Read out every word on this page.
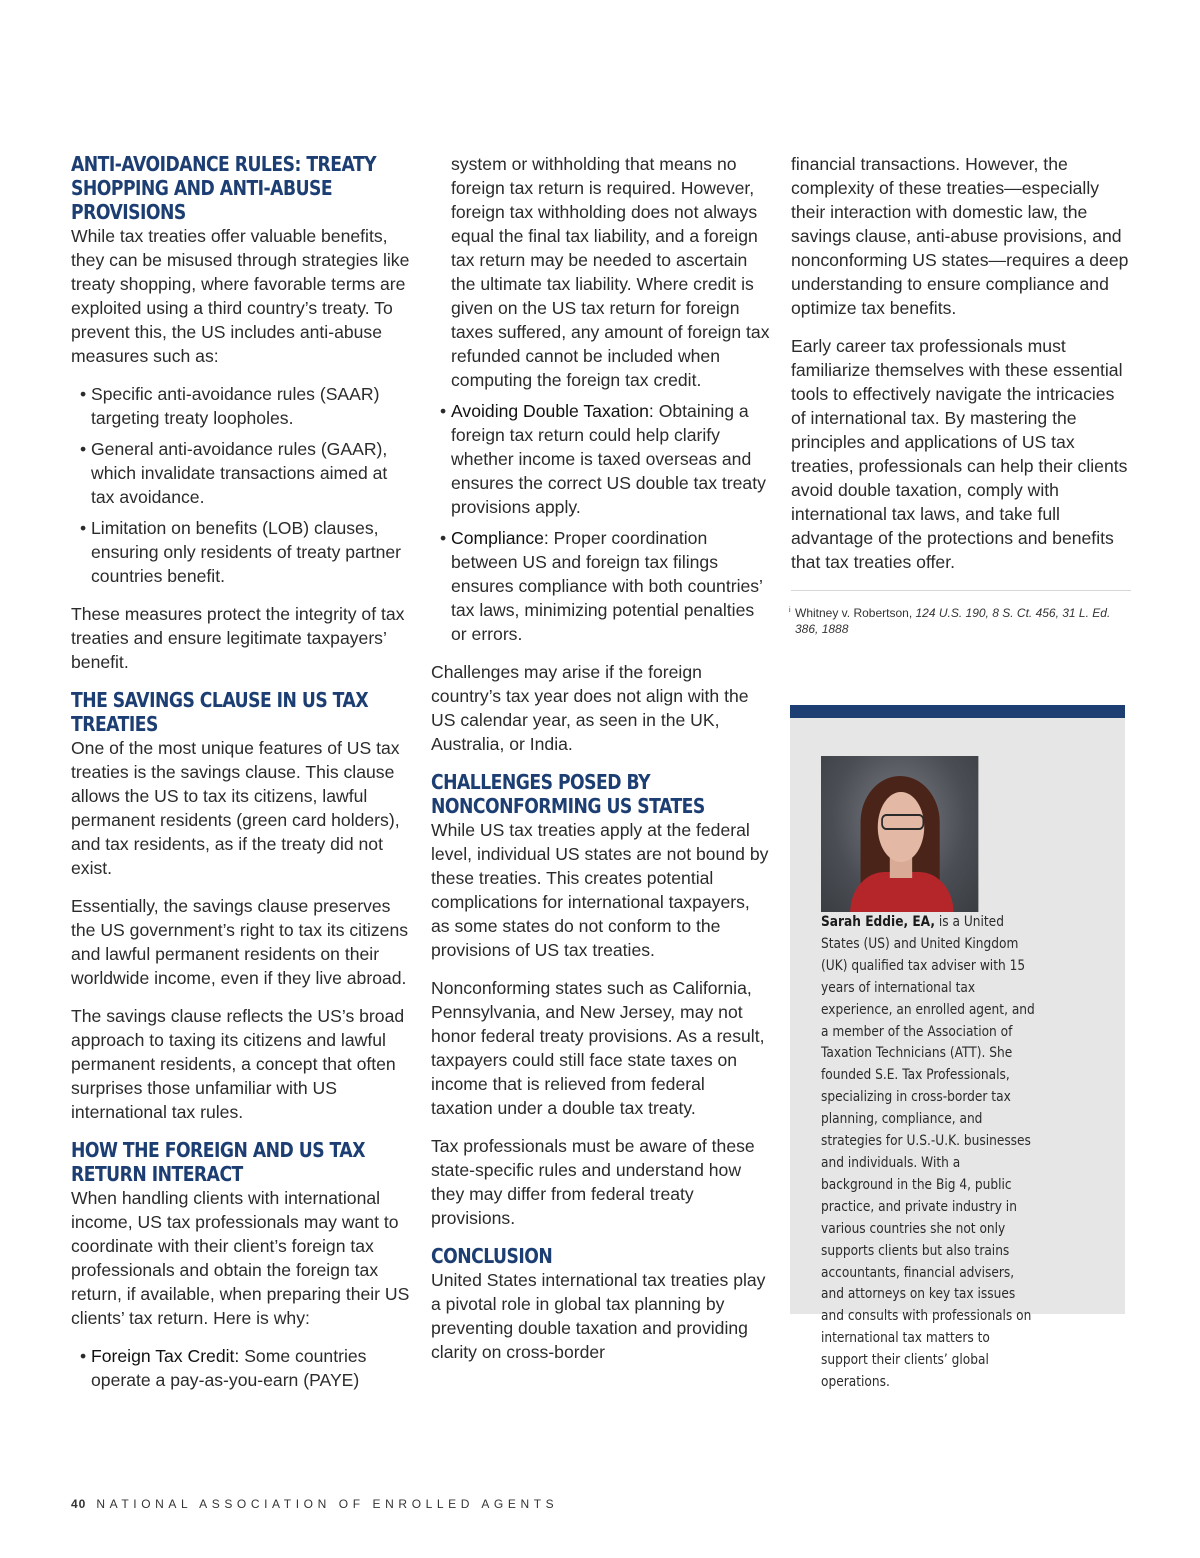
ANTI-AVOIDANCE RULES: TREATY SHOPPING AND ANTI-ABUSE PROVISIONS

While tax treaties offer valuable benefits, they can be misused through strategies like treaty shopping, where favorable terms are exploited using a third country’s treaty. To prevent this, the US includes anti-abuse measures such as:

• Specific anti-avoidance rules (SAAR) targeting treaty loopholes.
• General anti-avoidance rules (GAAR), which invalidate transactions aimed at tax avoidance.
• Limitation on benefits (LOB) clauses, ensuring only residents of treaty partner countries benefit.

These measures protect the integrity of tax treaties and ensure legitimate taxpayers’ benefit.

THE SAVINGS CLAUSE IN US TAX TREATIES

One of the most unique features of US tax treaties is the savings clause. This clause allows the US to tax its citizens, lawful permanent residents (green card holders), and tax residents, as if the treaty did not exist.

Essentially, the savings clause preserves the US government’s right to tax its citizens and lawful permanent residents on their worldwide income, even if they live abroad.

The savings clause reflects the US’s broad approach to taxing its citizens and lawful permanent residents, a concept that often surprises those unfamiliar with US international tax rules.

HOW THE FOREIGN AND US TAX RETURN INTERACT

When handling clients with international income, US tax professionals may want to coordinate with their client’s foreign tax professionals and obtain the foreign tax return, if available, when preparing their US clients’ tax return. Here is why:

• Foreign Tax Credit: Some countries operate a pay-as-you-earn (PAYE)

system or withholding that means no foreign tax return is required. However, foreign tax withholding does not always equal the final tax liability, and a foreign tax return may be needed to ascertain the ultimate tax liability. Where credit is given on the US tax return for foreign taxes suffered, any amount of foreign tax refunded cannot be included when computing the foreign tax credit.

• Avoiding Double Taxation: Obtaining a foreign tax return could help clarify whether income is taxed overseas and ensures the correct US double tax treaty provisions apply.
• Compliance: Proper coordination between US and foreign tax filings ensures compliance with both countries’ tax laws, minimizing potential penalties or errors.

Challenges may arise if the foreign country’s tax year does not align with the US calendar year, as seen in the UK, Australia, or India.

CHALLENGES POSED BY NONCONFORMING US STATES

While US tax treaties apply at the federal level, individual US states are not bound by these treaties. This creates potential complications for international taxpayers, as some states do not conform to the provisions of US tax treaties.

Nonconforming states such as California, Pennsylvania, and New Jersey, may not honor federal treaty provisions. As a result, taxpayers could still face state taxes on income that is relieved from federal taxation under a double tax treaty.

Tax professionals must be aware of these state-specific rules and understand how they may differ from federal treaty provisions.

CONCLUSION

United States international tax treaties play a pivotal role in global tax planning by preventing double taxation and providing clarity on cross-border

financial transactions. However, the complexity of these treaties—especially their interaction with domestic law, the savings clause, anti-abuse provisions, and nonconforming US states—requires a deep understanding to ensure compliance and optimize tax benefits.

Early career tax professionals must familiarize themselves with these essential tools to effectively navigate the intricacies of international tax. By mastering the principles and applications of US tax treaties, professionals can help their clients avoid double taxation, comply with international tax laws, and take full advantage of the protections and benefits that tax treaties offer.

i Whitney v. Robertson, 124 U.S. 190, 8 S. Ct. 456, 31 L. Ed. 386, 1888
Sarah Eddie, EA, is a United States (US) and United Kingdom (UK) qualified tax adviser with 15 years of international tax experience, an enrolled agent, and a member of the Association of Taxation Technicians (ATT). She founded S.E. Tax Professionals, specializing in cross-border tax planning, compliance, and strategies for U.S.-U.K. businesses and individuals. With a background in the Big 4, public practice, and private industry in various countries she not only supports clients but also trains accountants, financial advisers, and attorneys on key tax issues and consults with professionals on international tax matters to support their clients’ global operations.
40 NATIONAL ASSOCIATION OF ENROLLED AGENTS
